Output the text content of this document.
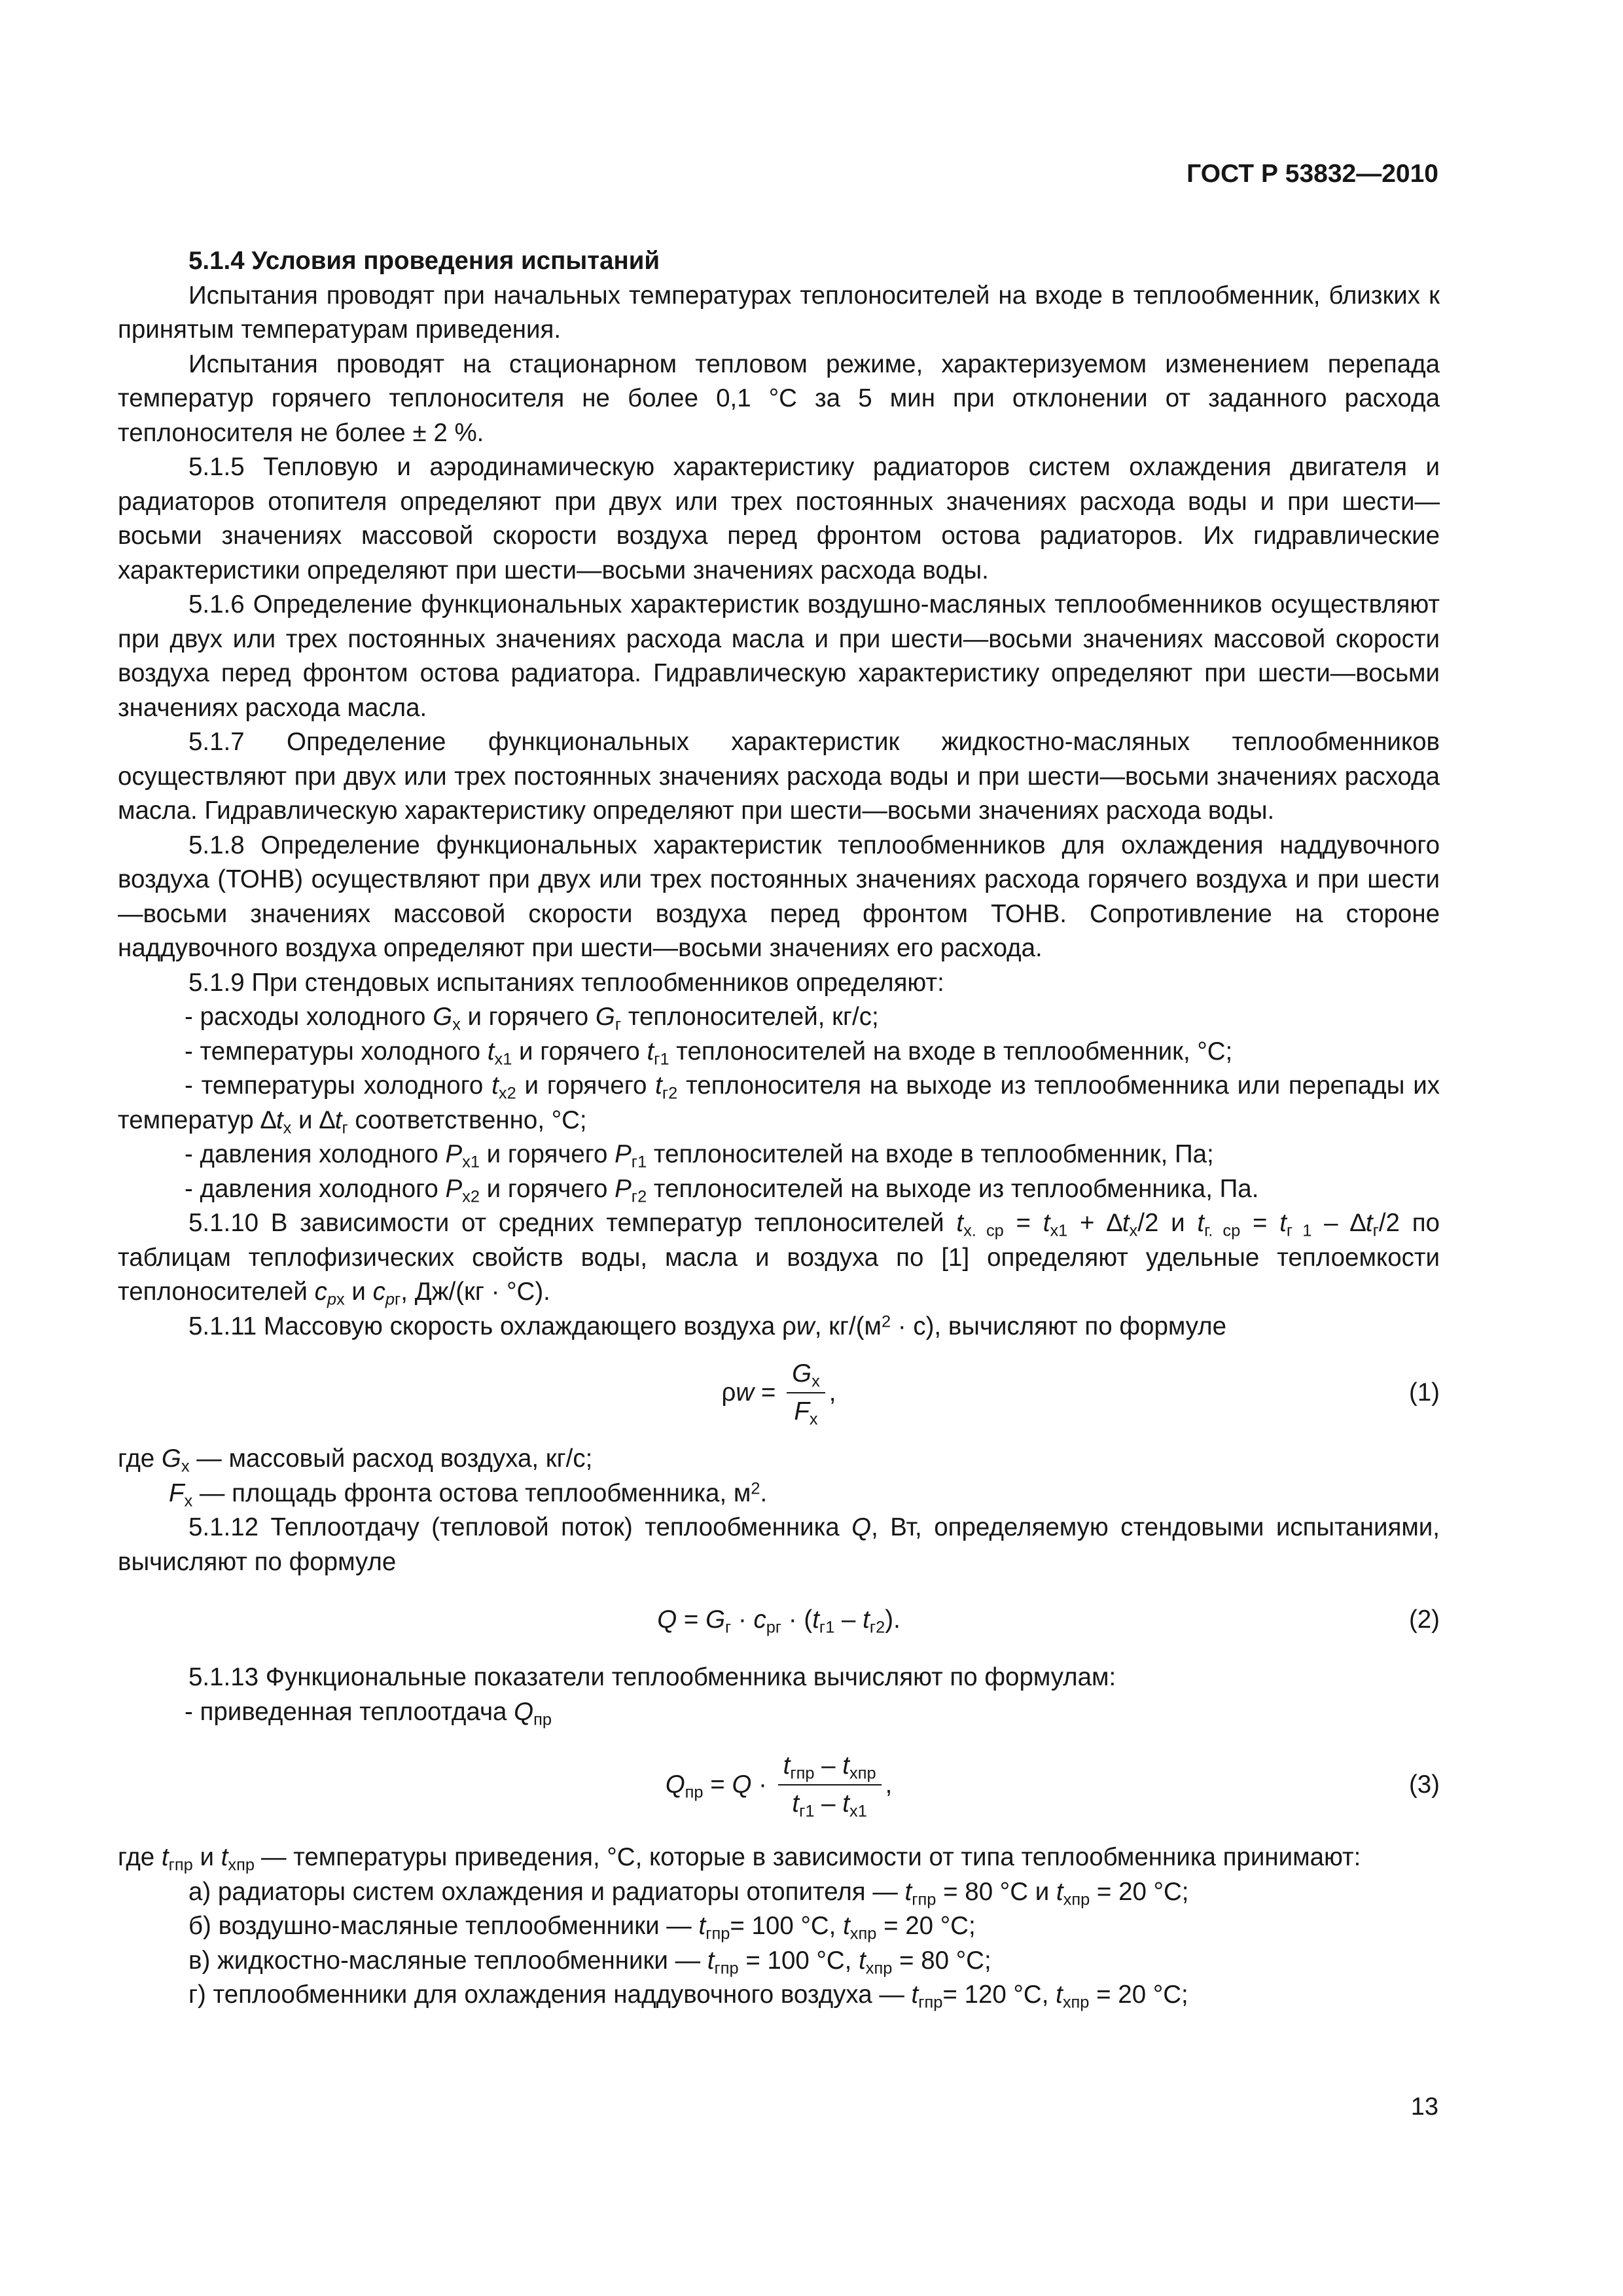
ГОСТ Р 53832—2010

5.1.4 Условия проведения испытаний

Испытания проводят при начальных температурах теплоносителей на входе в теплообменник, близких к принятым температурам приведения.

Испытания проводят на стационарном тепловом режиме, характеризуемом изменением перепада температур горячего теплоносителя не более 0,1 °С за 5 мин при отклонении от заданного расхода теплоносителя не более ± 2 %.

5.1.5 Тепловую и аэродинамическую характеристику радиаторов систем охлаждения двигателя и радиаторов отопителя определяют при двух или трех постоянных значениях расхода воды и при шести—восьми значениях массовой скорости воздуха перед фронтом остова радиаторов. Их гидравлические характеристики определяют при шести—восьми значениях расхода воды.

5.1.6 Определение функциональных характеристик воздушно-масляных теплообменников осуществляют при двух или трех постоянных значениях расхода масла и при шести—восьми значениях массовой скорости воздуха перед фронтом остова радиатора. Гидравлическую характеристику определяют при шести—восьми значениях расхода масла.

5.1.7 Определение функциональных характеристик жидкостно-масляных теплообменников осуществляют при двух или трех постоянных значениях расхода воды и при шести—восьми значениях расхода масла. Гидравлическую характеристику определяют при шести—восьми значениях расхода воды.

5.1.8 Определение функциональных характеристик теплообменников для охлаждения наддувочного воздуха (ТОНВ) осуществляют при двух или трех постоянных значениях расхода горячего воздуха и при шести—восьми значениях массовой скорости воздуха перед фронтом ТОНВ. Сопротивление на стороне наддувочного воздуха определяют при шести—восьми значениях его расхода.

5.1.9 При стендовых испытаниях теплообменников определяют:

- расходы холодного $G_х$ и горячего $G_г$ теплоносителей, кг/с;

- температуры холодного $t_{х1}$ и горячего $t_{г1}$ теплоносителей на входе в теплообменник, °С;

- температуры холодного $t_{х2}$ и горячего $t_{г2}$ теплоносителя на выходе из теплообменника или перепады их температур $\Delta t_х$ и $\Delta t_г$ соответственно, °С;

- давления холодного $P_{х1}$ и горячего $P_{г1}$ теплоносителей на входе в теплообменник, Па;

- давления холодного $P_{х2}$ и горячего $P_{г2}$ теплоносителей на выходе из теплообменника, Па.

5.1.10 В зависимости от средних температур теплоносителей $t_{х. ср} = t_{х1} + \Delta t_х/2$ и $t_{г. ср} = t_{г 1} - \Delta t_г/2$ по таблицам теплофизических свойств воды, масла и воздуха по [1] определяют удельные теплоемкости теплоносителей $c_{pх}$ и $c_{pг}$, Дж/(кг · °С).

5.1.11 Массовую скорость охлаждающего воздуха ρw, $кг/(м^2 \cdot с)$, вычисляют по формуле

$\rho w = \frac{G_х}{F_х}$ ,	(1)

где $G_х$ — массовый расход воздуха, кг/с;

$F_х$ — площадь фронта остова теплообменника, $м^2$.

5.1.12 Теплоотдачу (тепловой поток) теплообменника Q, Вт, определяемую стендовыми испытаниями, вычисляют по формуле

$Q = G_г \cdot c_{рг} \cdot (t_{г1} - t_{г2})$.	(2)

5.1.13 Функциональные показатели теплообменника вычисляют по формулам:

- приведенная теплоотдача $Q_{пр}$

$Q_{пр} = Q \cdot \frac{t_{гпр} - t_{хпр}}{t_{г1} - t_{х1}}$ ,	(3)
где $t_{гпр}$ и $t_{хпр}$ — температуры приведения, °С, которые в зависимости от типа теплообменника принимают:

а) радиаторы систем охлаждения и радиаторы отопителя — $t_{гпр} = 80$ °С и $t_{хпр} = 20$ °С;

б) воздушно-масляные теплообменники — $t_{гпр}= 100$ °С, $t_{хпр} = 20$ °С;

в) жидкостно-масляные теплообменники — $t_{гпр} = 100$ °С, $t_{хпр} = 80$ °С;

г) теплообменники для охлаждения наддувочного воздуха — $t_{гпр}= 120$ °С, $t_{хпр} = 20$ °С;

13
